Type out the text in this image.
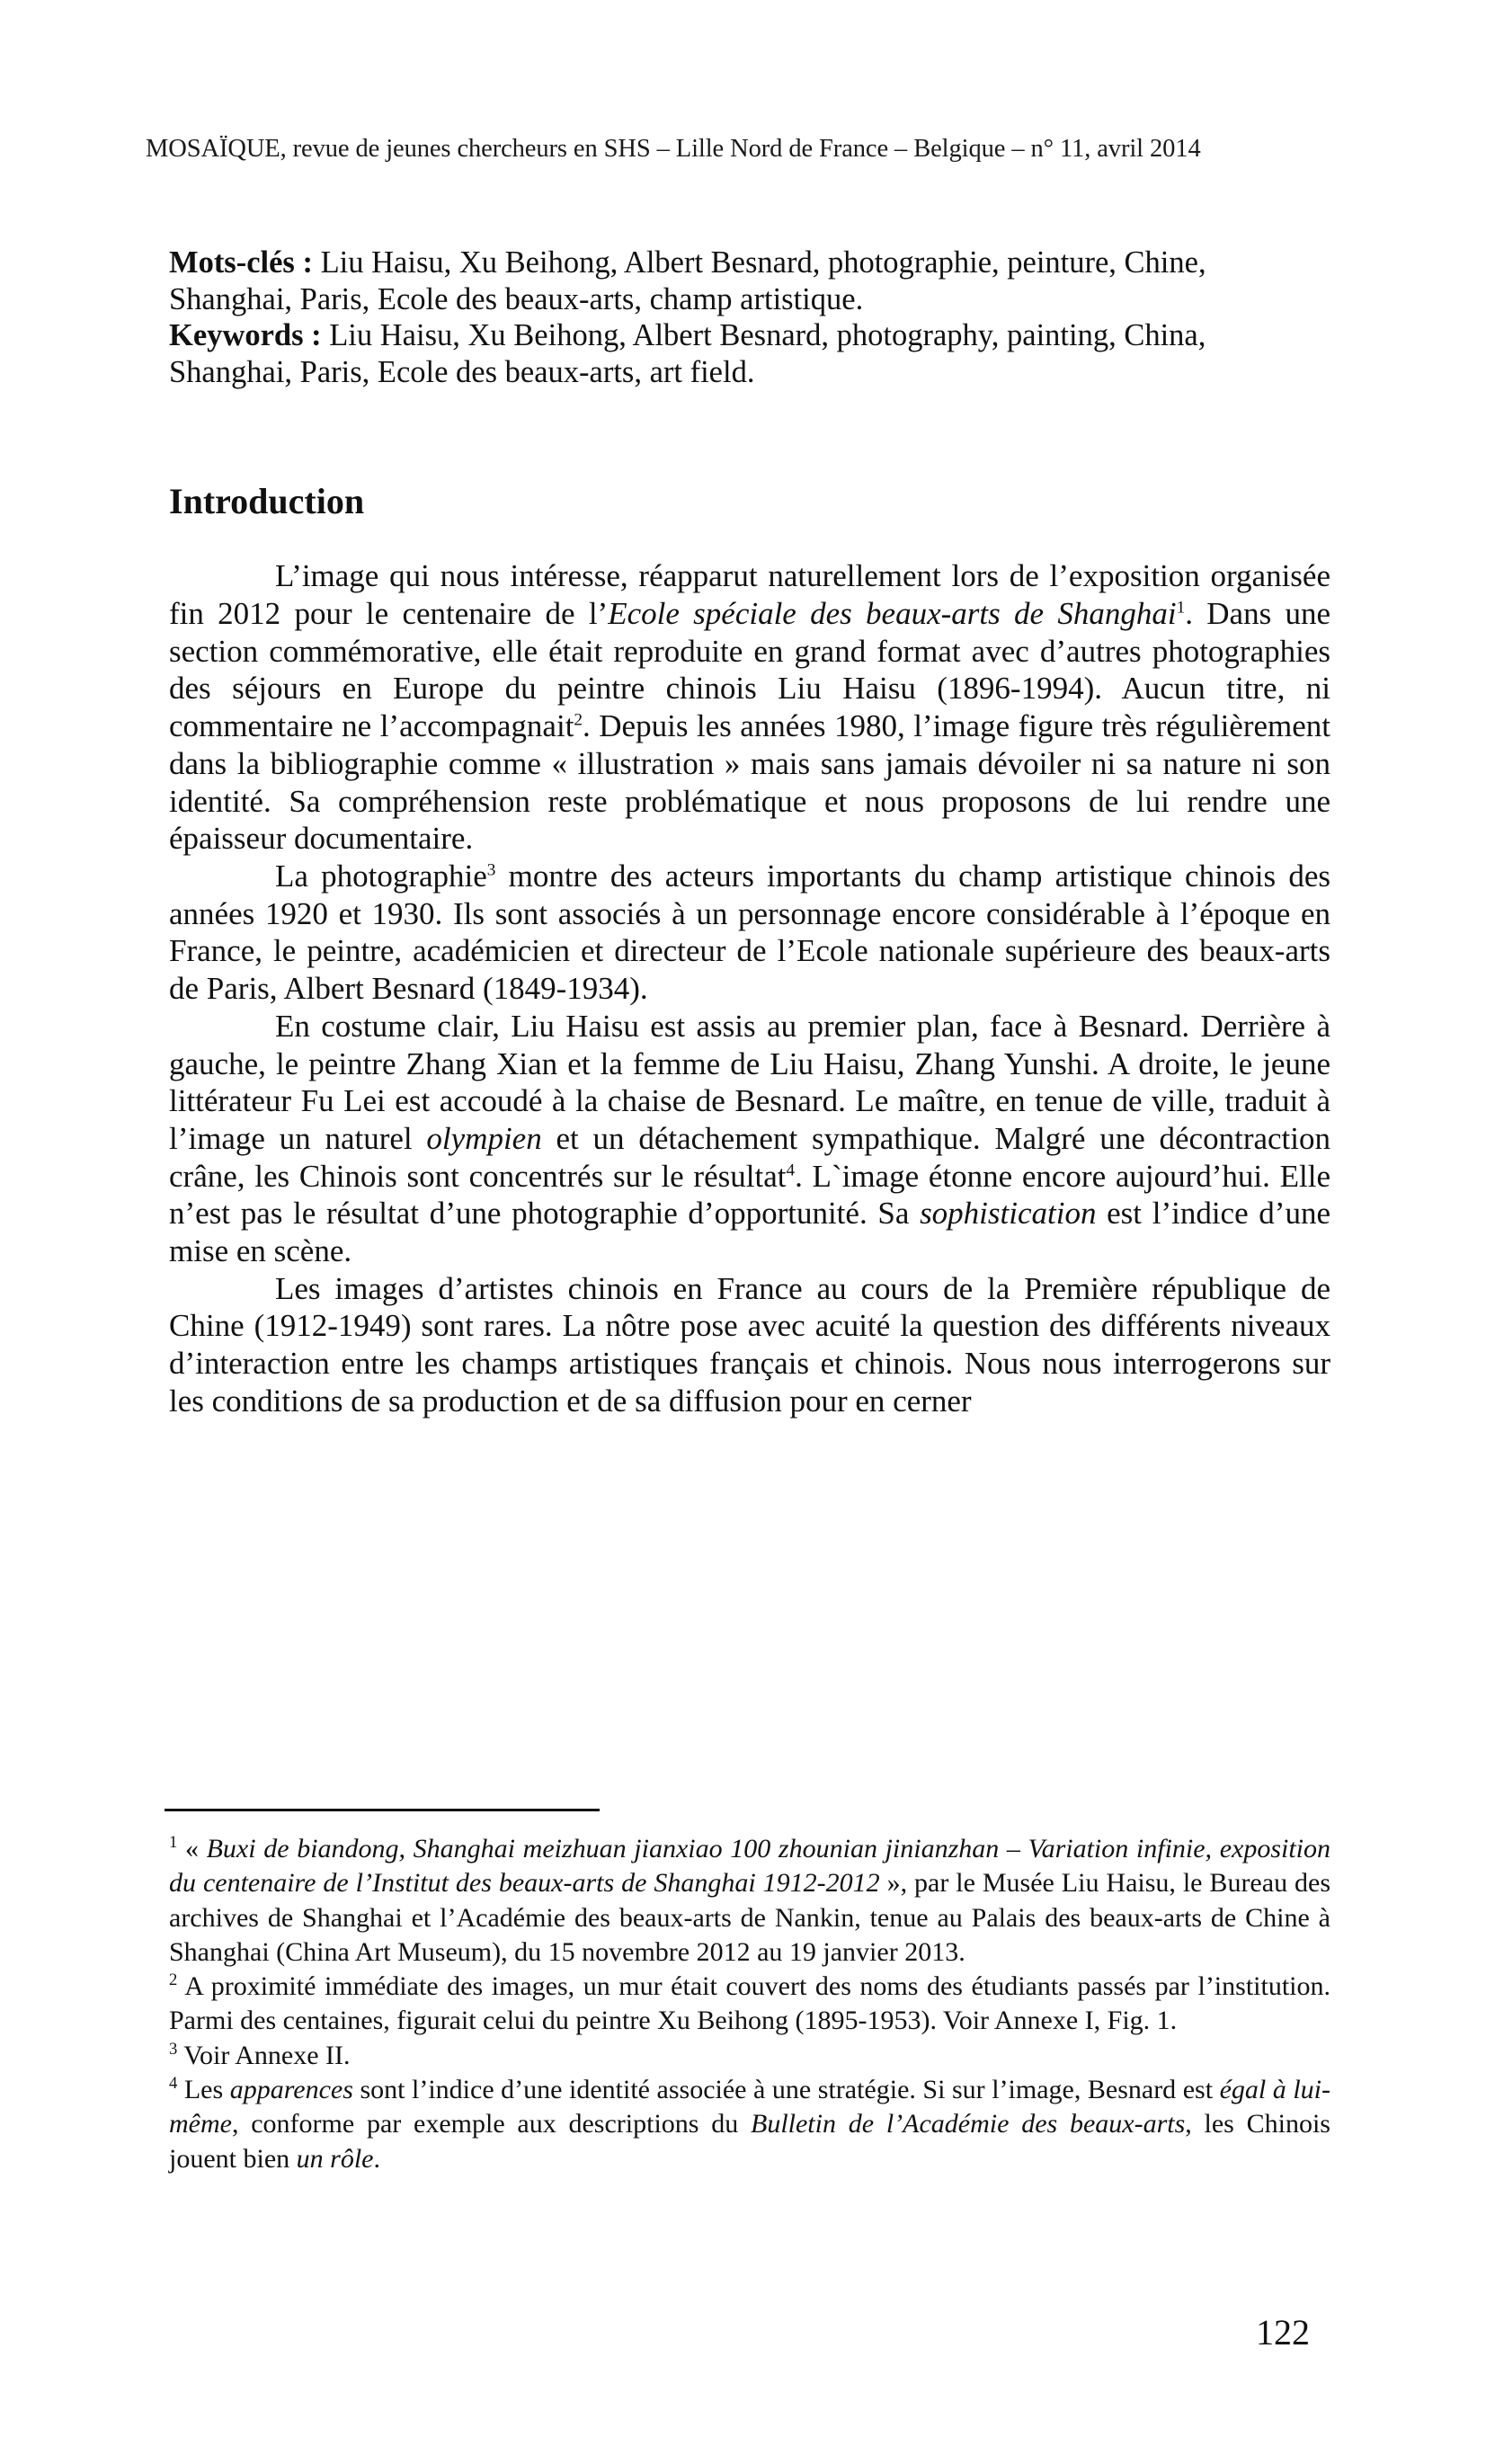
MOSAÏQUE, revue de jeunes chercheurs en SHS – Lille Nord de France – Belgique – n° 11, avril 2014
Mots-clés : Liu Haisu, Xu Beihong, Albert Besnard, photographie, peinture, Chine, Shanghai, Paris, Ecole des beaux-arts, champ artistique.
Keywords : Liu Haisu, Xu Beihong, Albert Besnard, photography, painting, China, Shanghai, Paris, Ecole des beaux-arts, art field.
Introduction

L’image qui nous intéresse, réapparut naturellement lors de l’exposition organisée fin 2012 pour le centenaire de l’Ecole spéciale des beaux-arts de Shanghai$^1$. Dans une section commémorative, elle était reproduite en grand format avec d’autres photographies des séjours en Europe du peintre chinois Liu Haisu (1896-1994). Aucun titre, ni commentaire ne l’accompagnait$^2$. Depuis les années 1980, l’image figure très régulièrement dans la bibliographie comme « illustration » mais sans jamais dévoiler ni sa nature ni son identité. Sa compréhension reste problématique et nous proposons de lui rendre une épaisseur documentaire.

La photographie$^3$ montre des acteurs importants du champ artistique chinois des années 1920 et 1930. Ils sont associés à un personnage encore considérable à l’époque en France, le peintre, académicien et directeur de l’Ecole nationale supérieure des beaux-arts de Paris, Albert Besnard (1849-1934).

En costume clair, Liu Haisu est assis au premier plan, face à Besnard. Derrière à gauche, le peintre Zhang Xian et la femme de Liu Haisu, Zhang Yunshi. A droite, le jeune littérateur Fu Lei est accoudé à la chaise de Besnard. Le maître, en tenue de ville, traduit à l’image un naturel olympien et un détachement sympathique. Malgré une décontraction crâne, les Chinois sont concentrés sur le résultat$^4$. L`image étonne encore aujourd’hui. Elle n’est pas le résultat d’une photographie d’opportunité. Sa sophistication est l’indice d’une mise en scène.

Les images d’artistes chinois en France au cours de la Première république de Chine (1912-1949) sont rares. La nôtre pose avec acuité la question des différents niveaux d’interaction entre les champs artistiques français et chinois. Nous nous interrogerons sur les conditions de sa production et de sa diffusion pour en cerner

$^1$ « Buxi de biandong, Shanghai meizhuan jianxiao 100 zhounian jinianzhan – Variation infinie, exposition du centenaire de l’Institut des beaux-arts de Shanghai 1912-2012 », par le Musée Liu Haisu, le Bureau des archives de Shanghai et l’Académie des beaux-arts de Nankin, tenue au Palais des beaux-arts de Chine à Shanghai (China Art Museum), du 15 novembre 2012 au 19 janvier 2013.

$^2$ A proximité immédiate des images, un mur était couvert des noms des étudiants passés par l’institution. Parmi des centaines, figurait celui du peintre Xu Beihong (1895-1953). Voir Annexe I, Fig. 1.

$^3$ Voir Annexe II.

$^4$ Les apparences sont l’indice d’une identité associée à une stratégie. Si sur l’image, Besnard est égal à lui-même, conforme par exemple aux descriptions du Bulletin de l’Académie des beaux-arts, les Chinois jouent bien un rôle.

122
